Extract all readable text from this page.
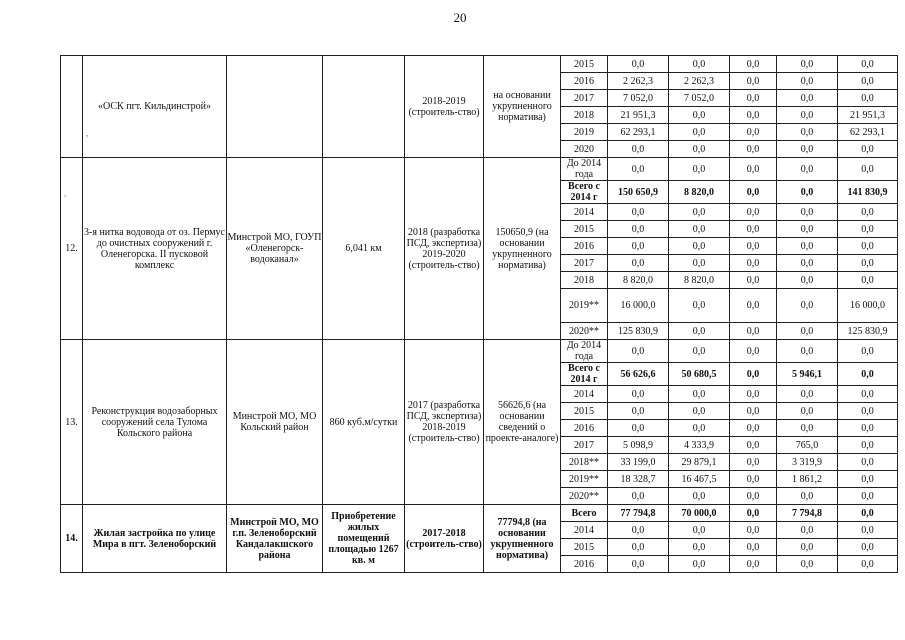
20
	«ОСК пгт. Кильдинстрой»			2018-2019 (строитель-ство)	на основании укрупненного норматива)	2015	0,0	0,0	0,0	0,0	0,0
						2016	2 262,3	2 262,3	0,0	0,0	0,0
						2017	7 052,0	7 052,0	0,0	0,0	0,0
						2018	21 951,3	0,0	0,0	0,0	21 951,3
						2019	62 293,1	0,0	0,0	0,0	62 293,1
						2020	0,0	0,0	0,0	0,0	0,0
12.	3-я нитка водовода от оз. Пермус до очистных сооружений г. Оленегорска. II пусковой комплекс	Минстрой МО, ГОУП «Оленегорск-водоканал»	6,041 км	2018 (разработка ПСД, экспертиза) 2019-2020 (строитель-ство)	150650,9 (на основании укрупненного норматива)	До 2014 года	0,0	0,0	0,0	0,0	0,0
						Всего с 2014 г	150 650,9	8 820,0	0,0	0,0	141 830,9
						2014	0,0	0,0	0,0	0,0	0,0
						2015	0,0	0,0	0,0	0,0	0,0
						2016	0,0	0,0	0,0	0,0	0,0
						2017	0,0	0,0	0,0	0,0	0,0
						2018	8 820,0	8 820,0	0,0	0,0	0,0
						2019**	16 000,0	0,0	0,0	0,0	16 000,0
						2020**	125 830,9	0,0	0,0	0,0	125 830,9
13.	Реконструкция водозаборных сооружений села Тулома Кольского района	Минстрой МО, МО Кольский район	860 куб.м/сутки	2017 (разработка ПСД, экспертиза) 2018-2019 (строитель-ство)	56626,6 (на основании сведений о проекте-аналоге)	До 2014 года	0,0	0,0	0,0	0,0	0,0
						Всего с 2014 г	56 626,6	50 680,5	0,0	5 946,1	0,0
						2014	0,0	0,0	0,0	0,0	0,0
						2015	0,0	0,0	0,0	0,0	0,0
						2016	0,0	0,0	0,0	0,0	0,0
						2017	5 098,9	4 333,9	0,0	765,0	0,0
						2018**	33 199,0	29 879,1	0,0	3 319,9	0,0
						2019**	18 328,7	16 467,5	0,0	1 861,2	0,0
						2020**	0,0	0,0	0,0	0,0	0,0
14.	Жилая застройка по улице Мира в пгт. Зеленоборский	Минстрой МО, МО г.п. Зеленоборский Кандалакшского района	Приобретение жилых помещений площадью 1267 кв. м	2017-2018 (строитель-ство)	77794,8 (на основании укрупненного норматива)	Всего	77 794,8	70 000,0	0,0	7 794,8	0,0
						2014	0,0	0,0	0,0	0,0	0,0
						2015	0,0	0,0	0,0	0,0	0,0
						2016	0,0	0,0	0,0	0,0	0,0
,
,
